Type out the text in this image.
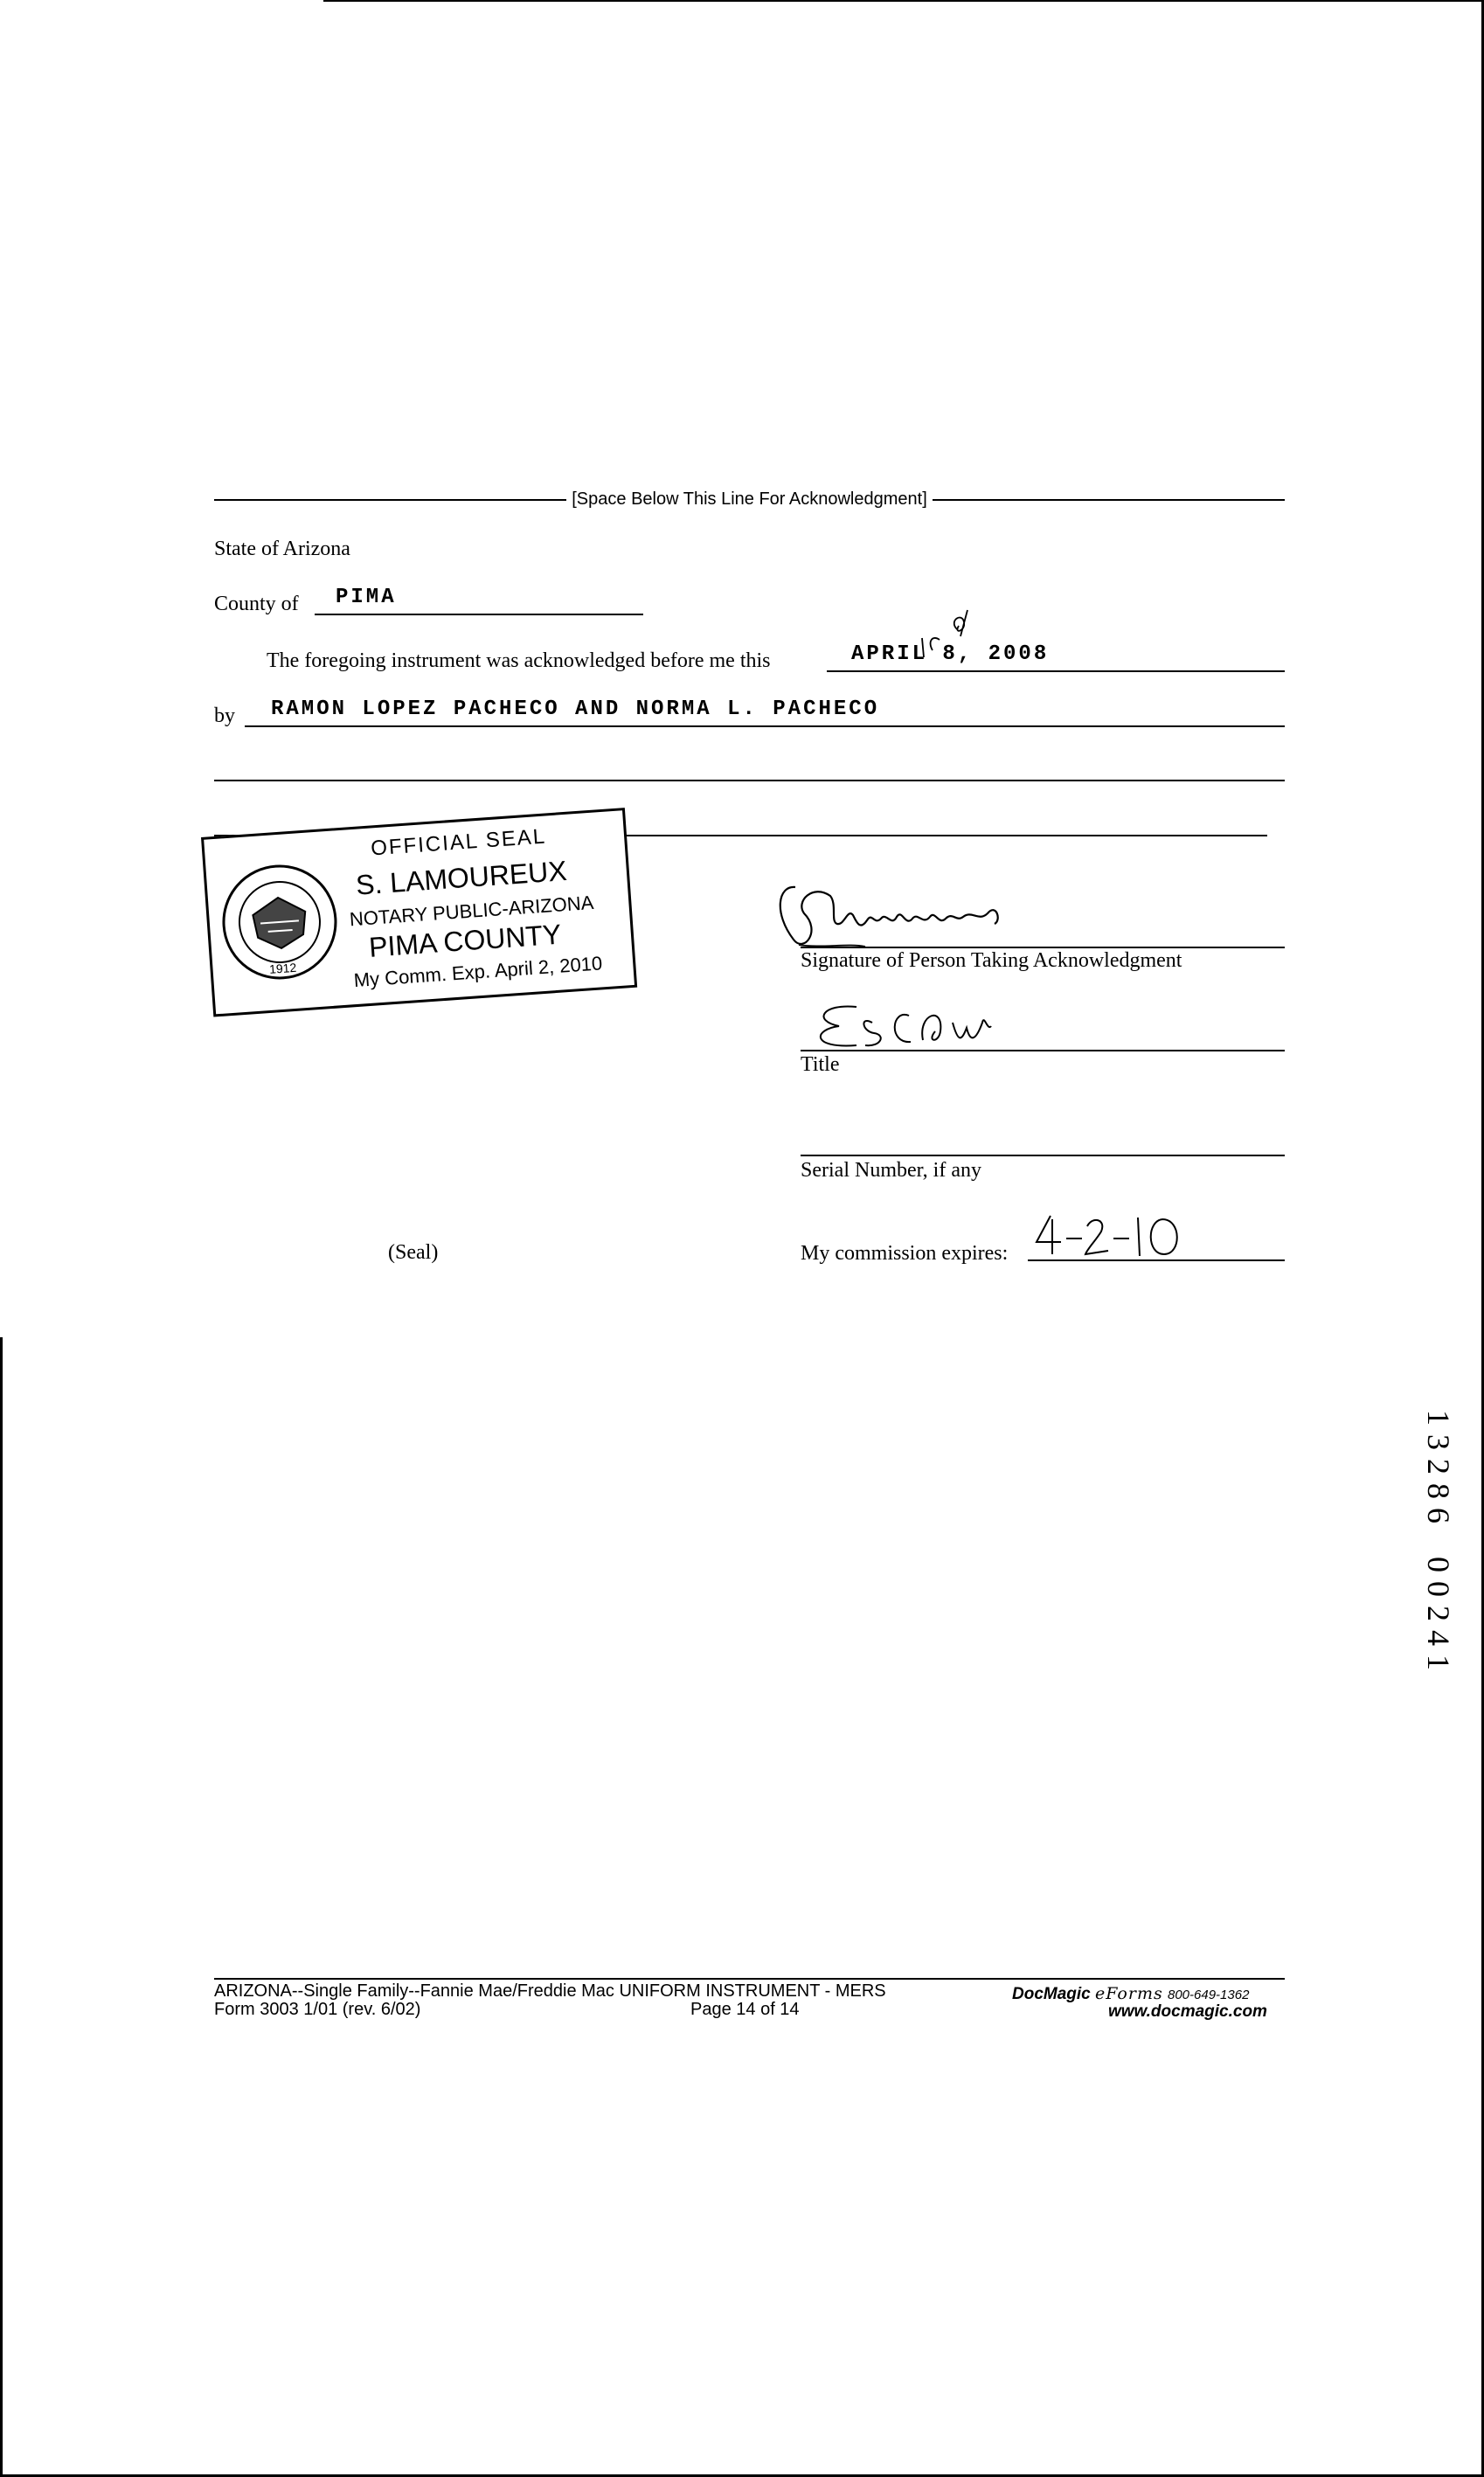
[Space Below This Line For Acknowledgment]
State of Arizona
County of PIMA
The foregoing instrument was acknowledged before me this	APRIL 8, 2008
by RAMON LOPEZ PACHECO AND NORMA L. PACHECO
1912
OFFICIAL SEAL
S. LAMOUREUX
NOTARY PUBLIC-ARIZONA
PIMA COUNTY
My Comm. Exp. April 2, 2010
(Seal)
Signature of Person Taking Acknowledgment
Title
Serial Number, if any
My commission expires:
1
3
2
8
6
0
0
2
4
1
ARIZONA--Single Family--Fannie Mae/Freddie Mac UNIFORM INSTRUMENT - MERS
Form 3003 1/01 (rev. 6/02)	Page 14 of 14
DocMagic eForms 800-649-1362
www.docmagic.com
